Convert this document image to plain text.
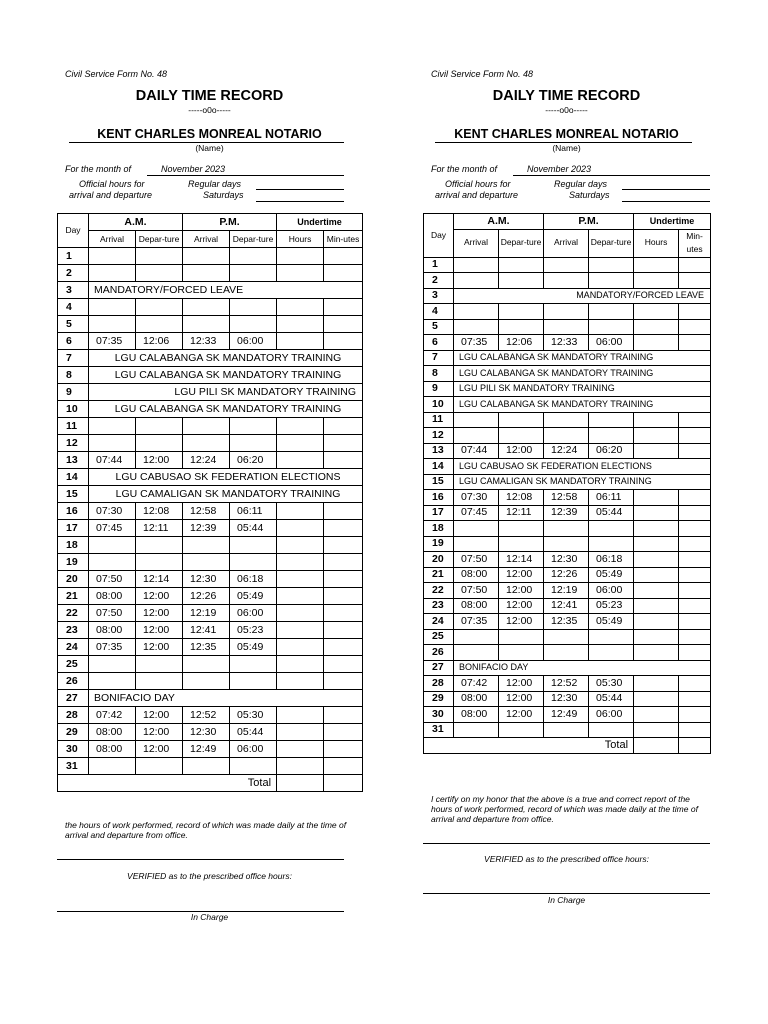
Civil Service Form No. 48
DAILY TIME RECORD
-----o0o-----
KENT CHARLES MONREAL NOTARIO
(Name)
For the month of	November 2023
Official hours for
arrival and departure
Regular days
Saturdays
Day	A.M.		P.M.		Undertime	
	Arrival	Depar-ture	Arrival	Depar-ture	Hours	Min-utes
1						
2						
3	MANDATORY/FORCED LEAVE					
4						
5						
6	07:35	12:06	12:33	06:00		
7	LGU CALABANGA SK MANDATORY TRAINING					
8	LGU CALABANGA SK MANDATORY TRAINING					
9	LGU PILI SK MANDATORY TRAINING					
10	LGU CALABANGA SK MANDATORY TRAINING					
11						
12						
13	07:44	12:00	12:24	06:20		
14	LGU CABUSAO SK FEDERATION ELECTIONS					
15	LGU CAMALIGAN SK MANDATORY TRAINING					
16	07:30	12:08	12:58	06:11		
17	07:45	12:11	12:39	05:44		
18						
19						
20	07:50	12:14	12:30	06:18		
21	08:00	12:00	12:26	05:49		
22	07:50	12:00	12:19	06:00		
23	08:00	12:00	12:41	05:23		
24	07:35	12:00	12:35	05:49		
25						
26						
27	BONIFACIO DAY					
28	07:42	12:00	12:52	05:30		
29	08:00	12:00	12:30	05:44		
30	08:00	12:00	12:49	06:00		
31						
Total						
the hours of work performed, record of which was made daily at the time of arrival and departure from office.
VERIFIED as to the prescribed office hours:
In Charge
Civil Service Form No. 48
DAILY TIME RECORD
-----o0o-----
KENT CHARLES MONREAL NOTARIO
(Name)
For the month of	November 2023
Official hours for
arrival and departure
Regular days
Saturdays
Day	A.M.		P.M.		Undertime	
	Arrival	Depar-ture	Arrival	Depar-ture	Hours	Min-utes
1						
2						
3	MANDATORY/FORCED LEAVE					
4						
5						
6	07:35	12:06	12:33	06:00		
7	LGU CALABANGA SK MANDATORY TRAINING					
8	LGU CALABANGA SK MANDATORY TRAINING					
9	LGU PILI SK MANDATORY TRAINING					
10	LGU CALABANGA SK MANDATORY TRAINING					
11						
12						
13	07:44	12:00	12:24	06:20		
14	LGU CABUSAO SK FEDERATION ELECTIONS					
15	LGU CAMALIGAN SK MANDATORY TRAINING					
16	07:30	12:08	12:58	06:11		
17	07:45	12:11	12:39	05:44		
18						
19						
20	07:50	12:14	12:30	06:18		
21	08:00	12:00	12:26	05:49		
22	07:50	12:00	12:19	06:00		
23	08:00	12:00	12:41	05:23		
24	07:35	12:00	12:35	05:49		
25						
26						
27	BONIFACIO DAY					
28	07:42	12:00	12:52	05:30		
29	08:00	12:00	12:30	05:44		
30	08:00	12:00	12:49	06:00		
31						
Total						
I certify on my honor that the above is a true and correct report of the hours of work performed, record of which was made daily at the time of arrival and departure from office.
VERIFIED as to the prescribed office hours:
In Charge
